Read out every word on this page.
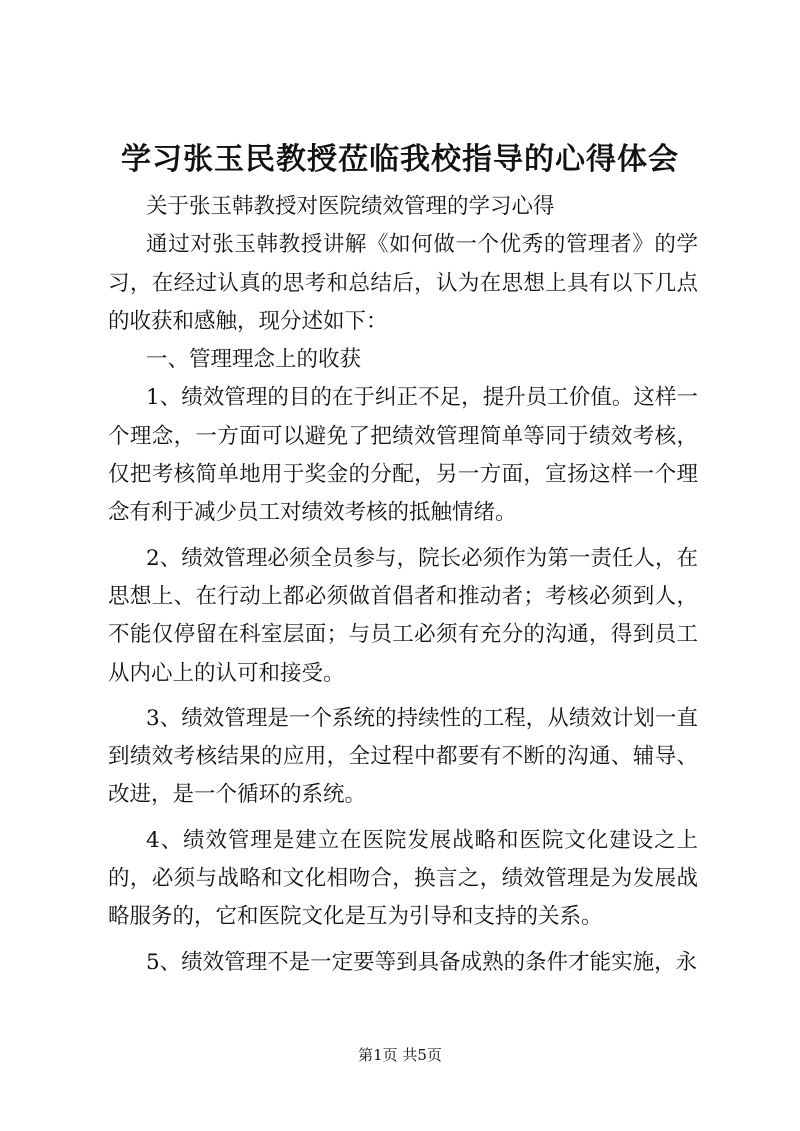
学习张玉民教授莅临我校指导的心得体会

关于张玉韩教授对医院绩效管理的学习心得

通过对张玉韩教授讲解《如何做一个优秀的管理者》的学习，在经过认真的思考和总结后，认为在思想上具有以下几点的收获和感触，现分述如下：

一、管理理念上的收获

1、绩效管理的目的在于纠正不足，提升员工价值。这样一个理念，一方面可以避免了把绩效管理简单等同于绩效考核，仅把考核简单地用于奖金的分配，另一方面，宣扬这样一个理念有利于减少员工对绩效考核的抵触情绪。

2、绩效管理必须全员参与，院长必须作为第一责任人，在思想上、在行动上都必须做首倡者和推动者；考核必须到人，不能仅停留在科室层面；与员工必须有充分的沟通，得到员工从内心上的认可和接受。

3、绩效管理是一个系统的持续性的工程，从绩效计划一直到绩效考核结果的应用，全过程中都要有不断的沟通、辅导、改进，是一个循环的系统。

4、绩效管理是建立在医院发展战略和医院文化建设之上的，必须与战略和文化相吻合，换言之，绩效管理是为发展战略服务的，它和医院文化是互为引导和支持的关系。

5、绩效管理不是一定要等到具备成熟的条件才能实施，永

第1页 共5页
